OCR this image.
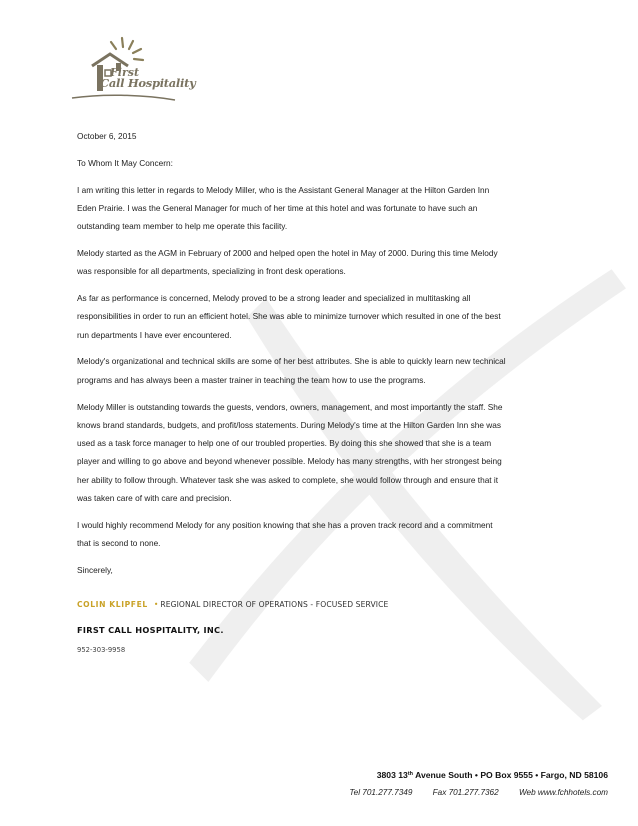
First
Call Hospitality

October 6, 2015

To Whom It May Concern:

I am writing this letter in regards to Melody Miller, who is the Assistant General Manager at the Hilton Garden Inn

Eden Prairie. I was the General Manager for much of her time at this hotel and was fortunate to have such an

outstanding team member to help me operate this facility.

Melody started as the AGM in February of 2000 and helped open the hotel in May of 2000. During this time Melody

was responsible for all departments, specializing in front desk operations.

As far as performance is concerned, Melody proved to be a strong leader and specialized in multitasking all

responsibilities in order to run an efficient hotel. She was able to minimize turnover which resulted in one of the best

run departments I have ever encountered.

Melody's organizational and technical skills are some of her best attributes. She is able to quickly learn new technical

programs and has always been a master trainer in teaching the team how to use the programs.

Melody Miller is outstanding towards the guests, vendors, owners, management, and most importantly the staff. She

knows brand standards, budgets, and profit/loss statements. During Melody's time at the Hilton Garden Inn she was

used as a task force manager to help one of our troubled properties. By doing this she showed that she is a team

player and willing to go above and beyond whenever possible. Melody has many strengths, with her strongest being

her ability to follow through. Whatever task she was asked to complete, she would follow through and ensure that it

was taken care of with care and precision.

I would highly recommend Melody for any position knowing that she has a proven track record and a commitment

that is second to none.

Sincerely,

COLIN KLIPFEL • REGIONAL DIRECTOR OF OPERATIONS - FOCUSED SERVICE
FIRST CALL HOSPITALITY, INC.
952-303-9958
3803 13th Avenue South • PO Box 9555 • Fargo, ND 58106
Tel 701.277.7349 Fax 701.277.7362 Web www.fchhotels.com
